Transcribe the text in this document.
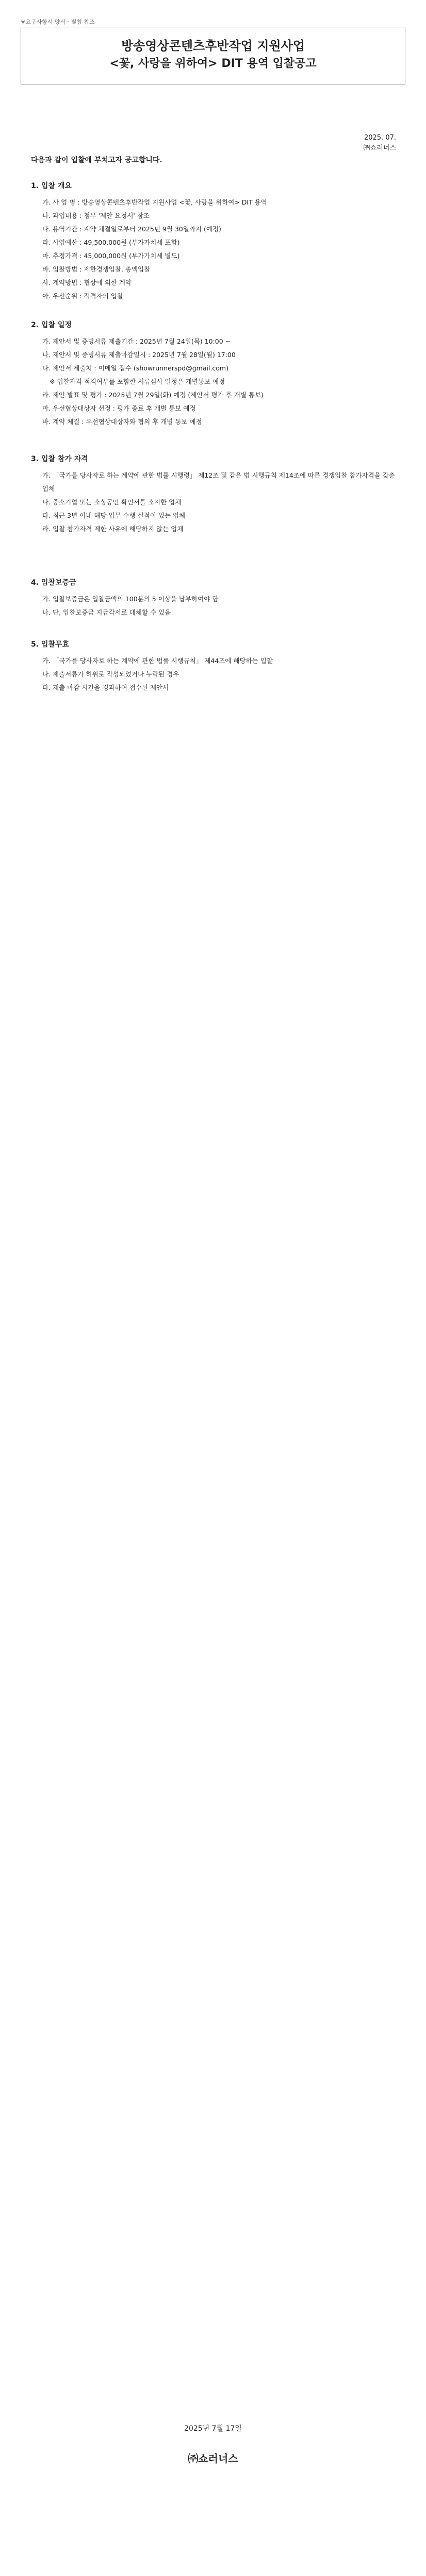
※요구사항서 양식 · 별첨 참조
방송영상콘텐츠후반작업 지원사업
<꽃, 사랑을 위하여> DIT 용역 입찰공고
2025. 07.
㈜쇼러너스
다음과 같이 입찰에 부치고자 공고합니다.
1. 입찰 개요
가. 사 업 명 : 방송영상콘텐츠후반작업 지원사업 <꽃, 사랑을 위하여> DIT 용역
나. 과업내용 : 첨부 '제안 요청서' 참조
다. 용역기간 : 계약 체결일로부터 2025년 9월 30일까지 (예정)
라. 사업예산 : 49,500,000원 (부가가치세 포함)
마. 추정가격 : 45,000,000원 (부가가치세 별도)
바. 입찰방법 : 제한경쟁입찰, 총액입찰
사. 계약방법 : 협상에 의한 계약
아. 우선순위 : 적격자의 입찰
2. 입찰 일정
가. 제안서 및 증빙서류 제출기간 : 2025년 7월 24일(목) 10:00 ~
나. 제안서 및 증빙서류 제출마감일시 : 2025년 7월 28일(월) 17:00
다. 제안서 제출처 : 이메일 접수 (showrunnerspd@gmail.com)
※ 입찰자격 적격여부를 포함한 서류심사 일정은 개별통보 예정
라. 제안 발표 및 평가 : 2025년 7월 29일(화) 예정 (제안서 평가 후 개별 통보)
마. 우선협상대상자 선정 : 평가 종료 후 개별 통보 예정
바. 계약 체결 : 우선협상대상자와 협의 후 개별 통보 예정
3. 입찰 참가 자격
가. 「국가를 당사자로 하는 계약에 관한 법률 시행령」 제12조 및 같은 법 시행규칙 제14조에 따른 경쟁입찰 참가자격을 갖춘 업체
나. 중소기업 또는 소상공인 확인서를 소지한 업체
다. 최근 3년 이내 해당 업무 수행 실적이 있는 업체
라. 입찰 참가자격 제한 사유에 해당하지 않는 업체
4. 입찰보증금
가. 입찰보증금은 입찰금액의 100분의 5 이상을 납부하여야 함
나. 단, 입찰보증금 지급각서로 대체할 수 있음
5. 입찰무효
가. 「국가를 당사자로 하는 계약에 관한 법률 시행규칙」 제44조에 해당하는 입찰
나. 제출서류가 허위로 작성되었거나 누락된 경우
다. 제출 마감 시간을 경과하여 접수된 제안서
2025년 7월 17일
㈜쇼러너스
